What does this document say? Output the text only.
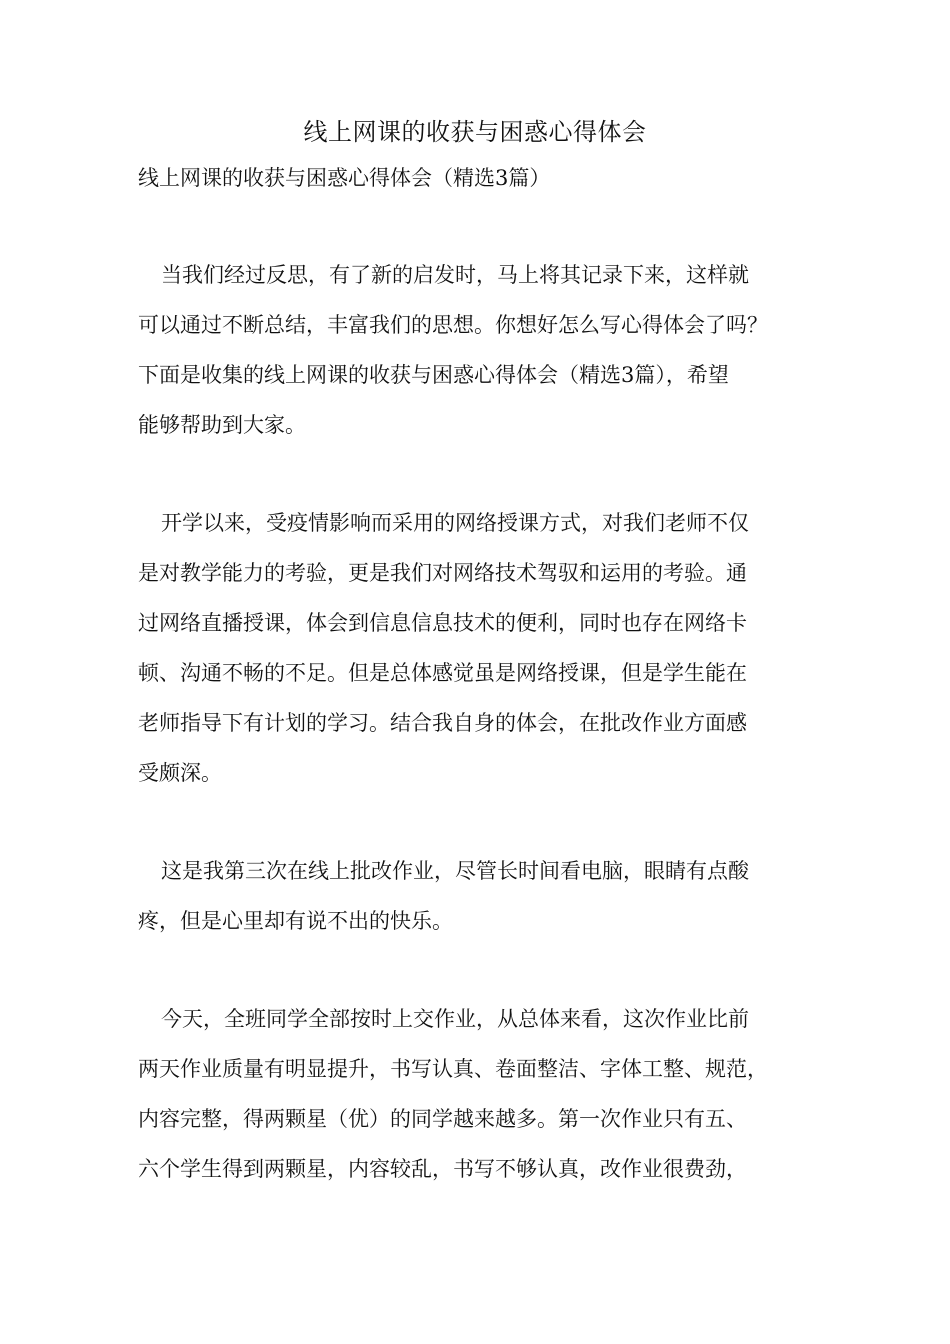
线上网课的收获与困惑心得体会

线上网课的收获与困惑心得体会（精选3篇）

当我们经过反思，有了新的启发时，马上将其记录下来，这样就
可以通过不断总结，丰富我们的思想。你想好怎么写心得体会了吗？
下面是收集的线上网课的收获与困惑心得体会（精选3篇），希望
能够帮助到大家。

开学以来，受疫情影响而采用的网络授课方式，对我们老师不仅
是对教学能力的考验，更是我们对网络技术驾驭和运用的考验。通
过网络直播授课，体会到信息信息技术的便利，同时也存在网络卡
顿、沟通不畅的不足。但是总体感觉虽是网络授课，但是学生能在
老师指导下有计划的学习。结合我自身的体会，在批改作业方面感
受颇深。

这是我第三次在线上批改作业，尽管长时间看电脑，眼睛有点酸
疼，但是心里却有说不出的快乐。

今天，全班同学全部按时上交作业，从总体来看，这次作业比前
两天作业质量有明显提升，书写认真、卷面整洁、字体工整、规范，
内容完整，得两颗星（优）的同学越来越多。第一次作业只有五、
六个学生得到两颗星，内容较乱，书写不够认真，改作业很费劲，
